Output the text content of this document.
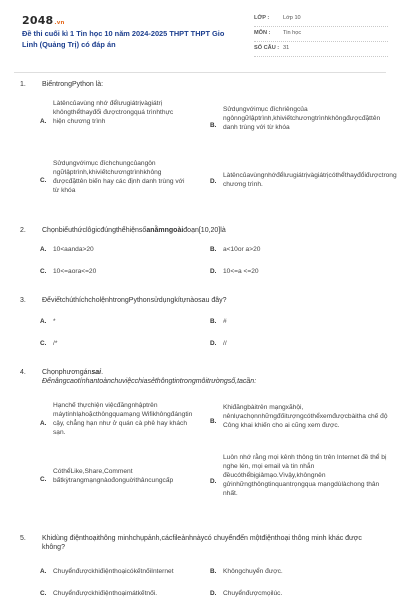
2048.vn
Đề thi cuối kì 1 Tin học 10 năm 2024-2025 THPT THPT Gio Linh (Quảng Trị) có đáp án
LỚP :	Lớp 10
MÔN :	Tin học
SỐ CÂU : 31
1. BiếntrongPython là:
A.
Làtêncủavùng nhớ đểlưugiátrịvàgiátrị khôngthểthayđổi đượctrongquá trìnhthực hiện chương trình
B.
Sửdụngvớimục đíchriêngcủa ngônngữlậptrình,khiviếtchươngtrìnhkhôngđượcđặttên danh trùng với từ khóa
C.
Sửdụngvớimục đíchchungcủangôn ngữlậptrình,khiviếtchươngtrìnhkhông đượcđặttên biến hay các định danh trùng với từ khóa
D.
Làtêncủavùngnhớđểlưugiátrịvàgiátrịcóthểthayđổiđượctrong chương trình.
2. Chọnbiểuthứclôgicđúngthểhiệnsốanằmngoàiđoạn[10,20]là
A. 10<aanda>20	B. a<10or a>20
C. 10<=aora<=20	D. 10<=a <=20
3. ĐểviếtchúthíchcholệnhtrongPythonsửdụngkítựnàosau đây?
A. *	B. #
C. /*	D. //
4. Chọnphươngánsai.
Đểnângcaotínhantoànchuviệcchiasẻthôngtintrongmôitrườngsố,tacần:
A.
Hạnchế thựchiện việcđăngnhậptrên máytínhlạhoặcthôngquamạng Wifikhôngđángtin cậy, chẳng hạn như ở quán cà phê hay khách sạn.
B.
Khiđăngbàitrên mạngxãhội, nênlựachọnnhữngđốitượngcóthểxemđượcbàitha chế độ Công khai khiến cho ai cũng xem được.
C.
CóthểLike,Share,Comment bấtkỳtrangmạngnàođonguờithâncungcấp	D.
Luôn nhớ rằng mọi kênh thông tin trên Internet đề thể bị nghe lén, mọi email và tin nhắn đềucóthểbịgiảmạo.Vìvậy,khôngnên gửinhữngthôngtinquantrọngqua mạngdùlàchong thân nhất.
5. Khidùng điệnthoạithông minhchụpảnh,cácfileảnhnàycó chuyểnđến mộtđiệnthoại thông minh khác được không?
A. ChuyểnđượckhiđiệnthoạicókếtnốiInternet	B. Khôngchuyển được.
C. Chuyểnđượckhiđiệnthoạimátkếtnối.	D. Chuyểnđượcmọilúc.
